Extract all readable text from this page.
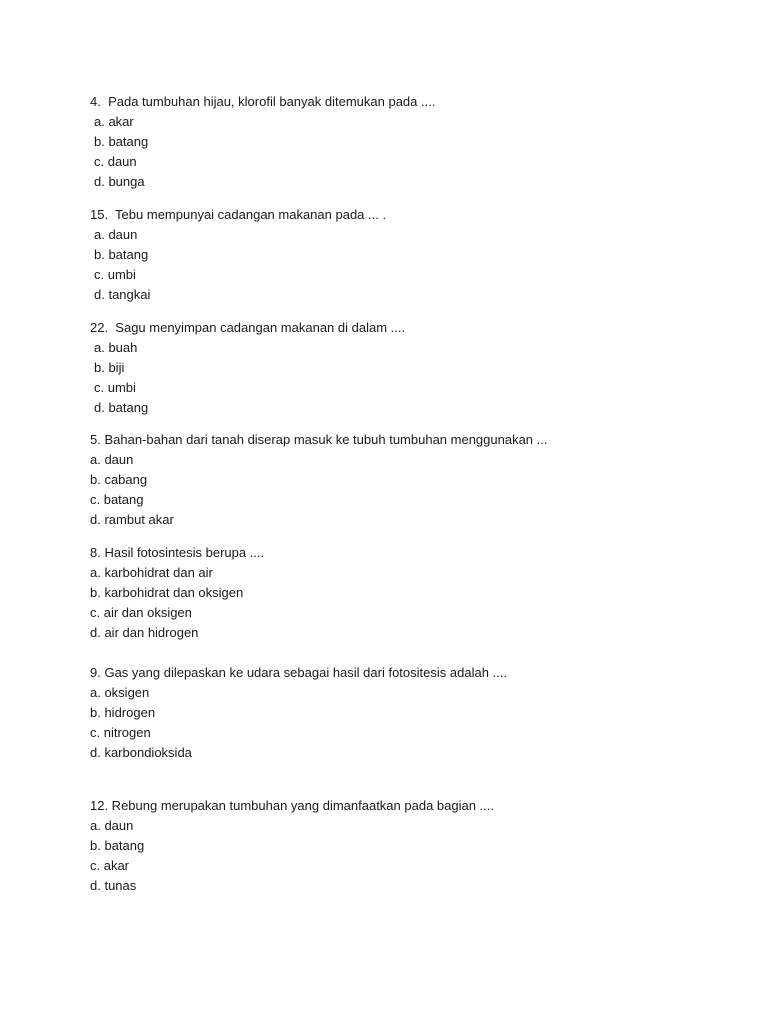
4.  Pada tumbuhan hijau, klorofil banyak ditemukan pada ....

a. akar

b. batang

c. daun

d. bunga

15.  Tebu mempunyai cadangan makanan pada ... .

a. daun

b. batang

c. umbi

d. tangkai

22.  Sagu menyimpan cadangan makanan di dalam ....

a. buah

b. biji

c. umbi

d. batang

5. Bahan-bahan dari tanah diserap masuk ke tubuh tumbuhan menggunakan ...

a. daun

b. cabang

c. batang

d. rambut akar

8. Hasil fotosintesis berupa ....

a. karbohidrat dan air

b. karbohidrat dan oksigen

c. air dan oksigen

d. air dan hidrogen

9. Gas yang dilepaskan ke udara sebagai hasil dari fotositesis adalah ....

a. oksigen

b. hidrogen

c. nitrogen

d. karbondioksida

12. Rebung merupakan tumbuhan yang dimanfaatkan pada bagian ....

a. daun

b. batang

c. akar

d. tunas
